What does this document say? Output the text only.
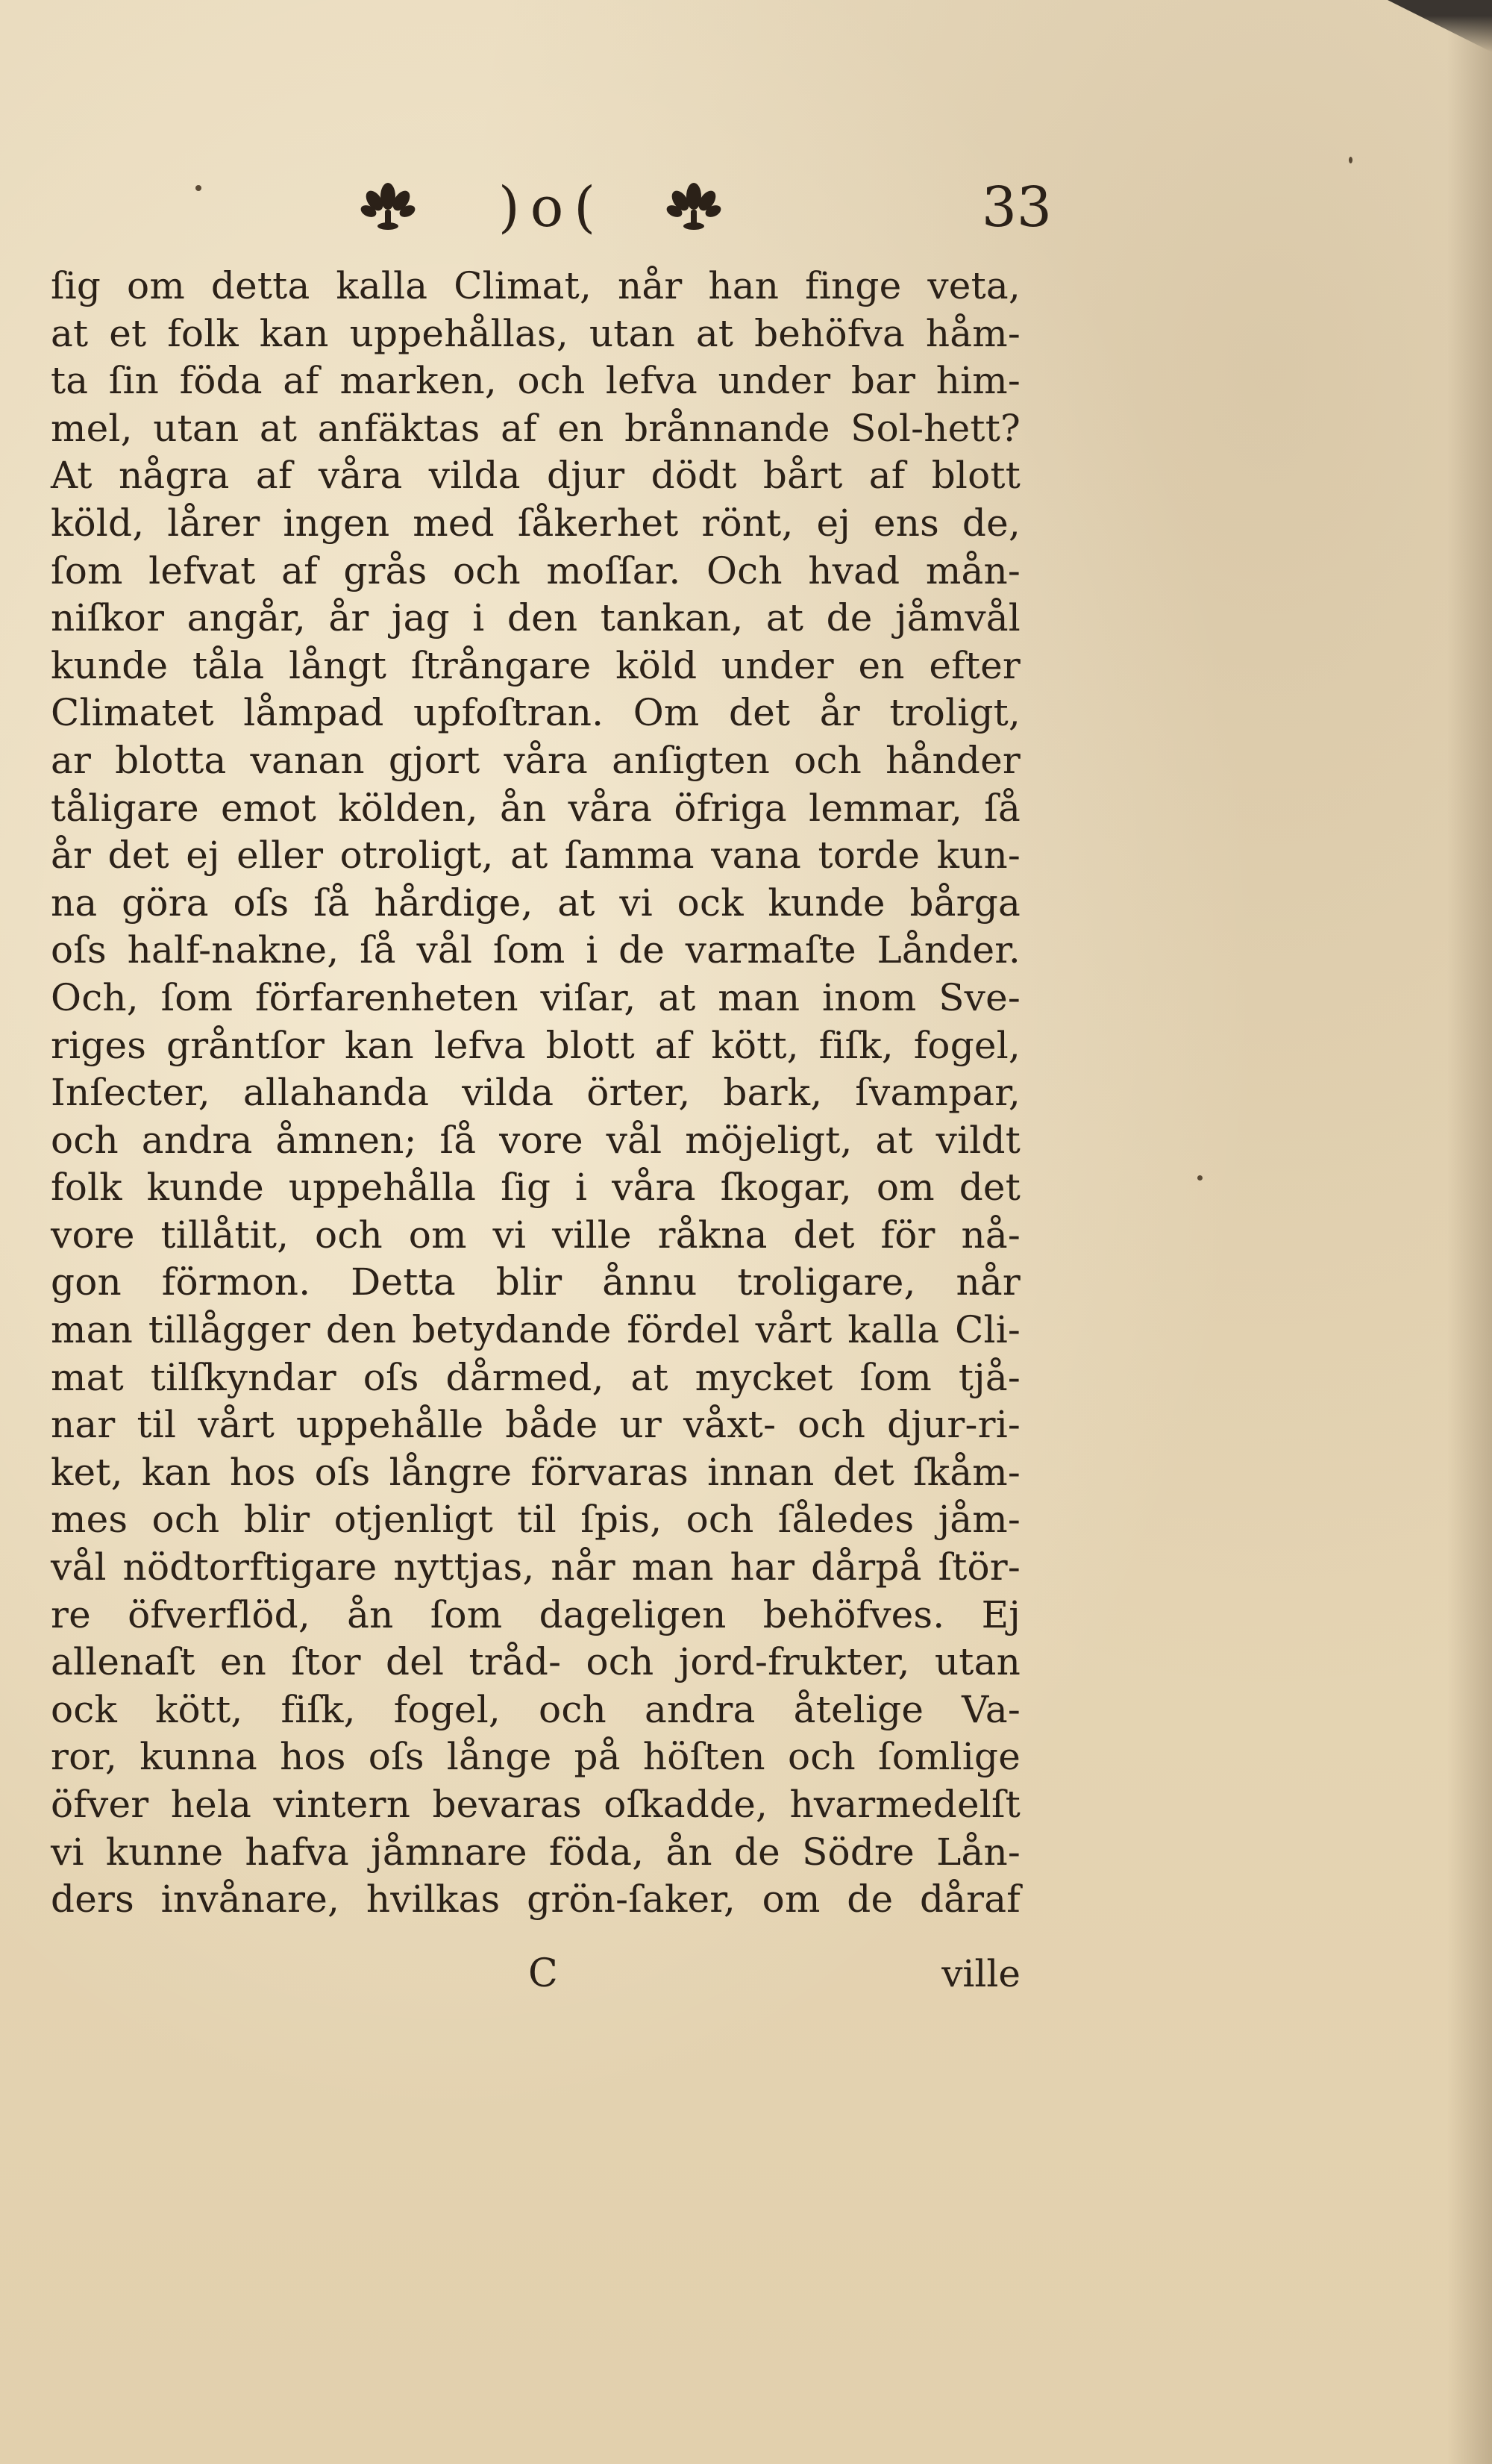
)o(	33
ſig om detta kalla Climat, når han finge veta,
at et folk kan uppehållas, utan at behöfva håm-
ta ſin föda af marken, och lefva under bar him-
mel, utan at anfäktas af en brånnande Sol-hett?
At några af våra vilda djur dödt bårt af blott
köld, lårer ingen med ſåkerhet rönt, ej ens de,
ſom lefvat af grås och moſſar. Och hvad mån-
niſkor angår, år jag i den tankan, at de jåmvål
kunde tåla långt ſtrångare köld under en efter
Climatet låmpad upfoſtran. Om det år troligt,
ar blotta vanan gjort våra anſigten och hånder
tåligare emot kölden, ån våra öfriga lemmar, ſå
år det ej eller otroligt, at ſamma vana torde kun-
na göra oſs ſå hårdige, at vi ock kunde bårga
oſs half-nakne, ſå vål ſom i de varmaſte Lånder.
Och, ſom förfarenheten viſar, at man inom Sve-
riges gråntſor kan lefva blott af kött, fiſk, fogel,
Inſecter, allahanda vilda örter, bark, ſvampar,
och andra åmnen; ſå vore vål möjeligt, at vildt
folk kunde uppehålla ſig i våra ſkogar, om det
vore tillåtit, och om vi ville råkna det för nå-
gon förmon. Detta blir ånnu troligare, når
man tillågger den betydande fördel vårt kalla Cli-
mat tilſkyndar oſs dårmed, at mycket ſom tjå-
nar til vårt uppehålle både ur våxt- och djur-ri-
ket, kan hos oſs långre förvaras innan det ſkåm-
mes och blir otjenligt til ſpis, och ſåledes jåm-
vål nödtorftigare nyttjas, når man har dårpå ſtör-
re öfverflöd, ån ſom dageligen behöfves. Ej
allenaſt en ſtor del tråd- och jord-frukter, utan
ock kött, fiſk, fogel, och andra åtelige Va-
ror, kunna hos oſs långe på höſten och ſomlige
öfver hela vintern bevaras oſkadde, hvarmedelſt
vi kunne hafva jåmnare föda, ån de Södre Lån-
ders invånare, hvilkas grön-ſaker, om de dåraf
C	ville
